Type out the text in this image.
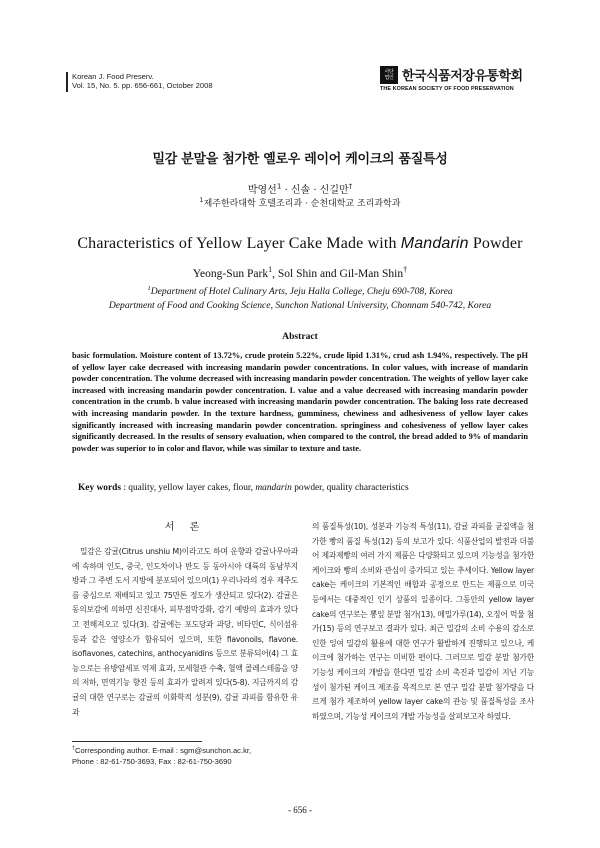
Korean J. Food Preserv.
Vol. 15, No. 5. pp. 656-661, October 2008
사단
법인 한국식품저장유통학회
THE KOREAN SOCIETY OF FOOD PRESERVATION
밀감 분말을 첨가한 옐로우 레이어 케이크의 품질특성
박영선$^1$ · 신솔 · 신길만†
$^1$제주한라대학 호텔조리과 · 순천대학교 조리과학과
Characteristics of Yellow Layer Cake Made with Mandarin Powder
Yeong-Sun Park$^1$, Sol Shin and Gil-Man Shin†
$^1$Department of Hotel Culinary Arts, Jeju Halla College, Cheju 690-708, Korea
Department of Food and Cooking Science, Sunchon National University, Chonnam 540-742, Korea
Abstract
basic formulation. Moisture content of 13.72%, crude protein 5.22%, crude lipid 1.31%, crud ash 1.94%, respectively. The pH of yellow layer cake decreased with increasing mandarin powder concentrations. In color values, with increase of mandarin powder concentration. The volume decreased with increasing mandarin powder concentration. The weights of yellow layer cake increased with increasing mandarin powder concentration. L value and a value decreased with increasing mandarin powder concentration in the crumb. b value increased with increasing mandarin powder concentration. The baking loss rate decreased with increasing mandarin powder. In the texture hardness, gumminess, chewiness and adhesiveness of yellow layer cakes significantly increased with increasing mandarin powder concentration. springiness and cohesiveness of yellow layer cakes significantly decreased. In the results of sensory evaluation, when compared to the control, the bread added to 9% of mandarin powder was superior to in color and flavor, while was similar to texture and taste.
Key words : quality, yellow layer cakes, flour, mandarin powder, quality characteristics
서 론

밀감은 감귤(Citrus unshiu M)이라고도 하며 운향과 감귤나무아과에 속하며 인도, 중국, 인도차이나 반도 등 동아시아 대륙의 동남부지방과 그 주변 도서 지방에 분포되어 있으며(1) 우리나라의 경우 제주도를 중심으로 재배되고 있고 75만톤 정도가 생산되고 있다(2). 감귤은 동의보감에 의하면 신진대사, 피부점막강화, 감기 예방의 효과가 있다고 전해져오고 있다(3). 감귤에는 포도당과 과당, 비타민C, 식이섬유 등과 같은 영양소가 함유되어 있으며, 또한 flavonoils, flavone. isoflavones, catechins, anthocyanidins 등으로 분류되어(4) 그 효능으로는 유방암세포 억제 효과, 모세혈관 수축, 혈액 콜레스테롤을 양의 저하, 면역기능 향진 등의 효과가 알려져 있다(5-8). 지금까지의 감귤의 대한 연구로는 감귤의 이화학적 성분(9), 감귤 과피를 함유한 유과

의 품질특성(10), 성분과 기능적 특성(11), 감귤 과피를 균질액을 첨가한 빵의 품질 특성(12) 등의 보고가 있다. 식품산업의 발전과 더불어 제과제빵의 여러 가지 제품은 다양화되고 있으며 기능성을 첨가한 케이크와 빵의 소비와 관심이 증가되고 있는 추세이다. Yellow layer cake는 케이크의 기본적인 배합과 공정으로 만드는 제품으로 미국 등에서는 대중적인 인기 상품의 일종이다. 그동안의 yellow layer cake의 연구로는 뽕잎 분말 첨가(13), 메밀가루(14), 오징어 먹물 첨가(15) 등의 연구보고 결과가 있다. 최근 밀감의 소비 수용의 감소로 인한 잉여 밀감의 활용에 대한 연구가 활발하게 진행되고 있으나, 케이크에 첨가하는 연구는 미비한 편이다. 그러므로 밀감 분말 첨가한 기능성 케이크의 개발을 한다면 밀감 소비 촉진과 밀감이 지닌 기능성이 첨가된 케이크 제조를 목적으로 본 연구 밀감 분말 첨가량을 다르게 첨가 제조하여 yellow layer cake의 관능 및 품질특성을 조사하였으며, 기능성 케이크의 개발 가능성을 살펴보고자 하였다.
†Corresponding author. E-mail : sgm@sunchon.ac.kr,
Phone : 82-61-750-3693, Fax : 82-61-750-3690
- 656 -
